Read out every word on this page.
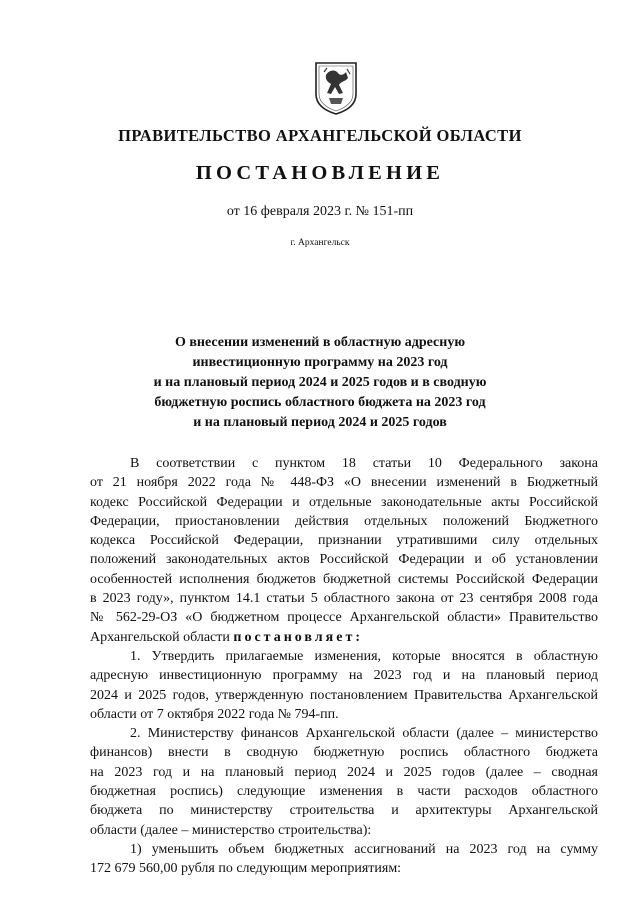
ПРАВИТЕЛЬСТВО АРХАНГЕЛЬСКОЙ ОБЛАСТИ
ПОСТАНОВЛЕНИЕ
от 16 февраля 2023 г. № 151-пп
г. Архангельск
О внесении изменений в областную адресную
инвестиционную программу на 2023 год
и на плановый период 2024 и 2025 годов и в сводную
бюджетную роспись областного бюджета на 2023 год
и на плановый период 2024 и 2025 годов
В соответствии с пунктом 18 статьи 10 Федерального закона
от 21 ноября 2022 года № 448-ФЗ «О внесении изменений в Бюджетный
кодекс Российской Федерации и отдельные законодательные акты Российской
Федерации, приостановлении действия отдельных положений Бюджетного
кодекса Российской Федерации, признании утратившими силу отдельных
положений законодательных актов Российской Федерации и об установлении
особенностей исполнения бюджетов бюджетной системы Российской Федерации
в 2023 году», пунктом 14.1 статьи 5 областного закона от 23 сентября 2008 года
№ 562-29-ОЗ «О бюджетном процессе Архангельской области» Правительство
Архангельской области постановляет:
1. Утвердить прилагаемые изменения, которые вносятся в областную
адресную инвестиционную программу на 2023 год и на плановый период
2024 и 2025 годов, утвержденную постановлением Правительства Архангельской
области от 7 октября 2022 года № 794-пп.
2. Министерству финансов Архангельской области (далее – министерство
финансов) внести в сводную бюджетную роспись областного бюджета
на 2023 год и на плановый период 2024 и 2025 годов (далее – сводная
бюджетная роспись) следующие изменения в части расходов областного
бюджета по министерству строительства и архитектуры Архангельской
области (далее – министерство строительства):
1) уменьшить объем бюджетных ассигнований на 2023 год на сумму
172 679 560,00 рубля по следующим мероприятиям:
